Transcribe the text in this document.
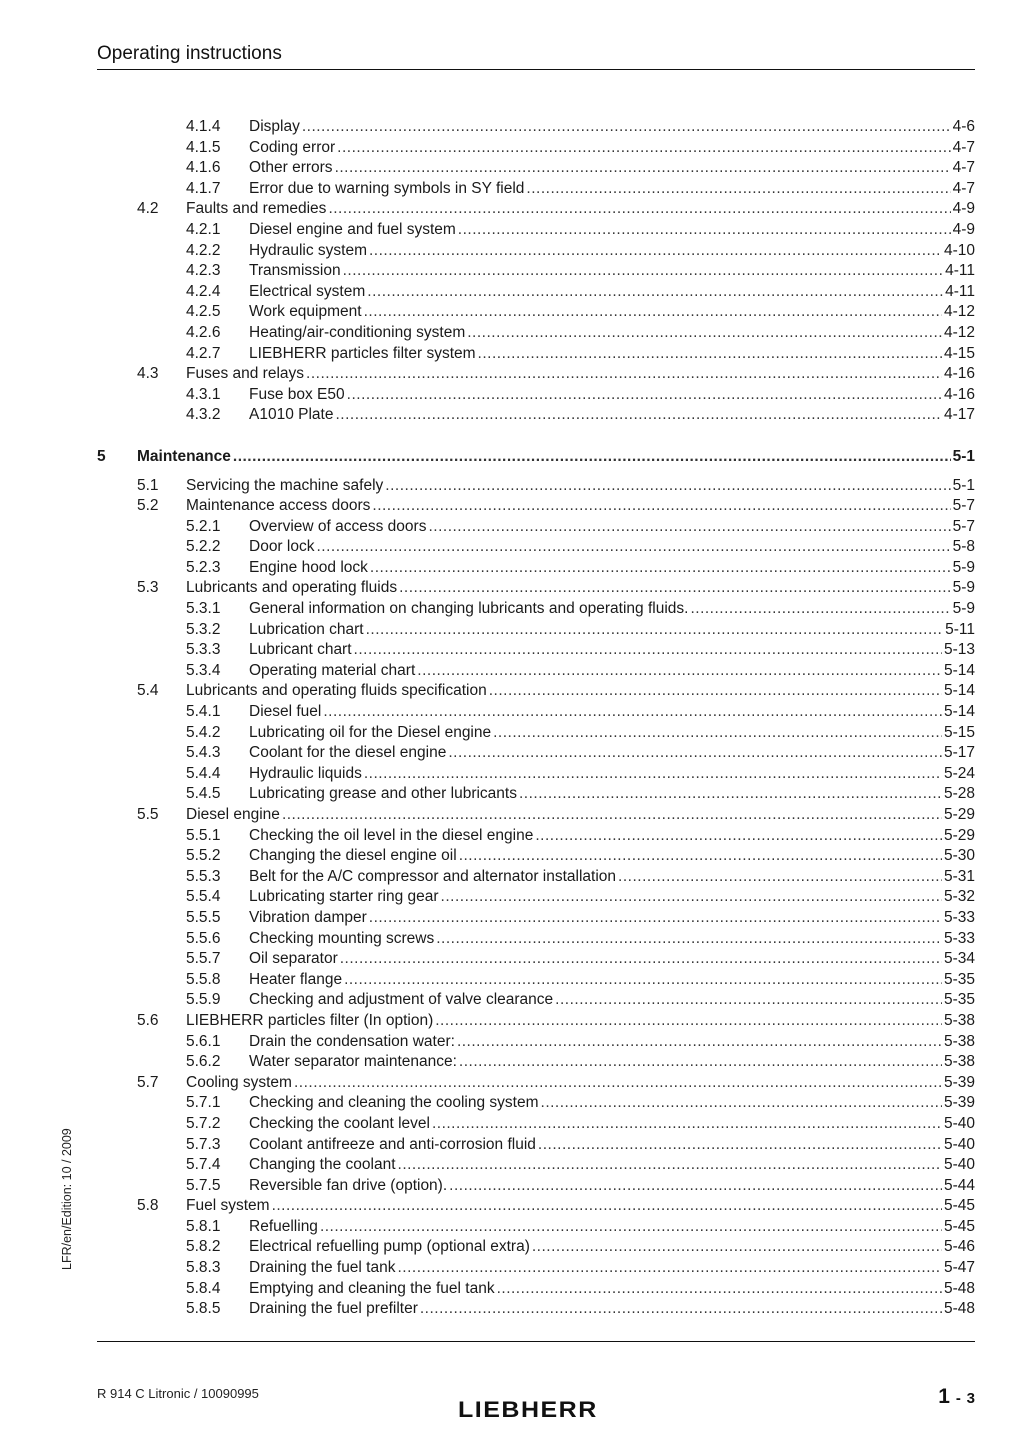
Operating instructions
4.1.4 Display .....	4-6
4.1.5 Coding error .....	4-7
4.1.6 Other errors .....	4-7
4.1.7 Error due to warning symbols in SY field .....	4-7
4.2 Faults and remedies .....	4-9
4.2.1 Diesel engine and fuel system .....	4-9
4.2.2 Hydraulic system .....	4-10
4.2.3 Transmission .....	4-11
4.2.4 Electrical system .....	4-11
4.2.5 Work equipment .....	4-12
4.2.6 Heating/air-conditioning system .....	4-12
4.2.7 LIEBHERR particles filter system .....	4-15
4.3 Fuses and relays .....	4-16
4.3.1 Fuse box E50 .....	4-16
4.3.2 A1010 Plate .....	4-17
5 Maintenance .....	5-1
5.1 Servicing the machine safely .....	5-1
5.2 Maintenance access doors .....	5-7
5.2.1 Overview of access doors .....	5-7
5.2.2 Door lock .....	5-8
5.2.3 Engine hood lock .....	5-9
5.3 Lubricants and operating fluids .....	5-9
5.3.1 General information on changing lubricants and operating fluids. .....	5-9
5.3.2 Lubrication chart .....	5-11
5.3.3 Lubricant chart .....	5-13
5.3.4 Operating material chart .....	5-14
5.4 Lubricants and operating fluids specification .....	5-14
5.4.1 Diesel fuel .....	5-14
5.4.2 Lubricating oil for the Diesel engine .....	5-15
5.4.3 Coolant for the diesel engine .....	5-17
5.4.4 Hydraulic liquids .....	5-24
5.4.5 Lubricating grease and other lubricants .....	5-28
5.5 Diesel engine .....	5-29
5.5.1 Checking the oil level in the diesel engine .....	5-29
5.5.2 Changing the diesel engine oil .....	5-30
5.5.3 Belt for the A/C compressor and alternator installation .....	5-31
5.5.4 Lubricating starter ring gear .....	5-32
5.5.5 Vibration damper .....	5-33
5.5.6 Checking mounting screws .....	5-33
5.5.7 Oil separator .....	5-34
5.5.8 Heater flange .....	5-35
5.5.9 Checking and adjustment of valve clearance .....	5-35
5.6 LIEBHERR particles filter (In option) .....	5-38
5.6.1 Drain the condensation water: .....	5-38
5.6.2 Water separator maintenance: .....	5-38
5.7 Cooling system .....	5-39
5.7.1 Checking and cleaning the cooling system .....	5-39
5.7.2 Checking the coolant level .....	5-40
5.7.3 Coolant antifreeze and anti-corrosion fluid .....	5-40
5.7.4 Changing the coolant .....	5-40
5.7.5 Reversible fan drive (option). .....	5-44
5.8 Fuel system .....	5-45
5.8.1 Refuelling .....	5-45
5.8.2 Electrical refuelling pump (optional extra) .....	5-46
5.8.3 Draining the fuel tank .....	5-47
5.8.4 Emptying and cleaning the fuel tank .....	5-48
5.8.5 Draining the fuel prefilter .....	5-48
LFR/en/Edition: 10 / 2009
R 914 C Litronic / 10090995
LIEBHERR
1 - 3
